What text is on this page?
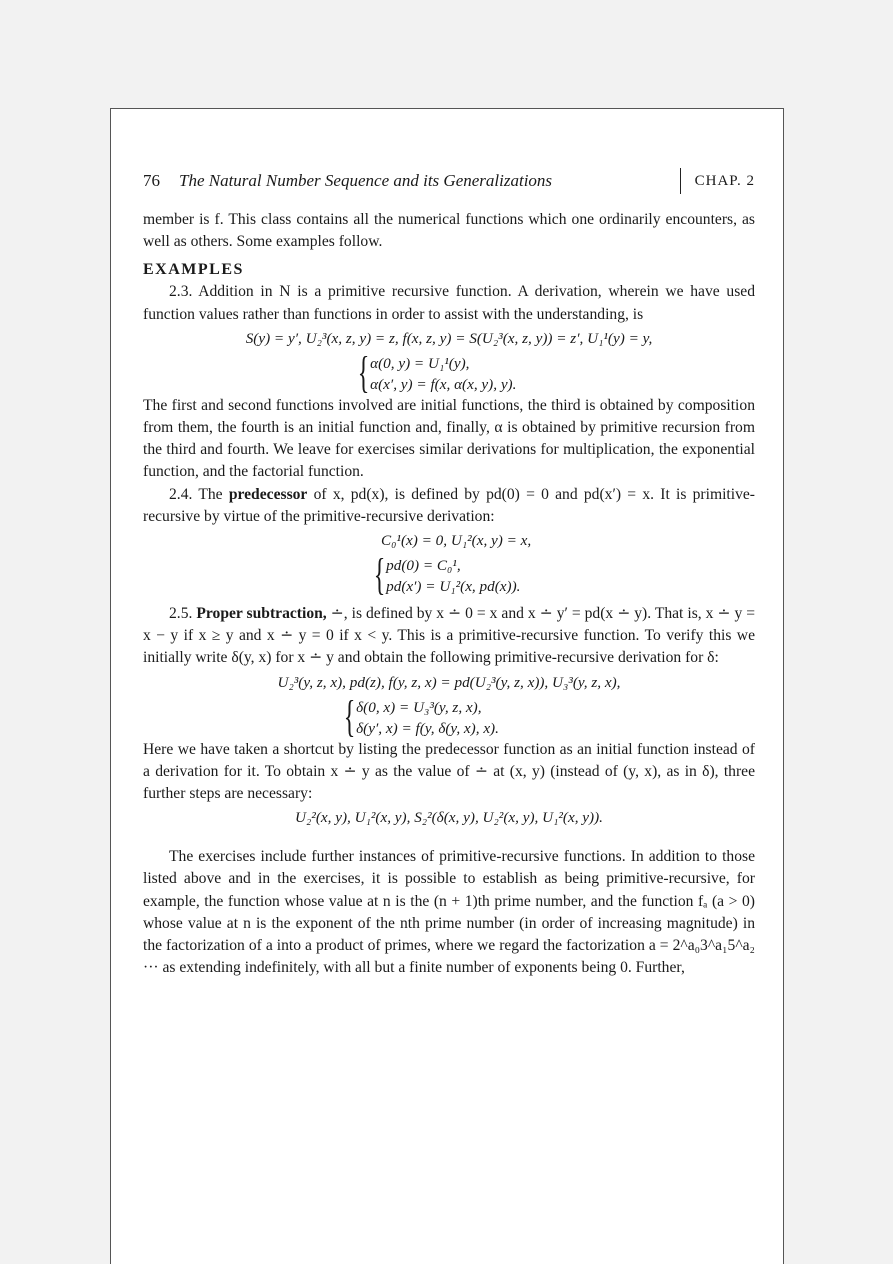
76	The Natural Number Sequence and its Generalizations	CHAP. 2

member is f. This class contains all the numerical functions which one ordinarily encounters, as well as others. Some examples follow.

EXAMPLES

2.3. Addition in N is a primitive recursive function. A derivation, wherein we have used function values rather than functions in order to assist with the understanding, is

S(y) = y′, U₂³(x, z, y) = z, f(x, z, y) = S(U₂³(x, z, y)) = z′, U₁¹(y) = y,
{ α(0, y) = U₁¹(y),
α(x′, y) = f(x, α(x, y), y).

The first and second functions involved are initial functions, the third is obtained by composition from them, the fourth is an initial function and, finally, α is obtained by primitive recursion from the third and fourth. We leave for exercises similar derivations for multiplication, the exponential function, and the factorial function.

2.4. The predecessor of x, pd(x), is defined by pd(0) = 0 and pd(x′) = x. It is primitive-recursive by virtue of the primitive-recursive derivation:

C₀¹(x) = 0, U₁²(x, y) = x,
{ pd(0) = C₀¹,
pd(x′) = U₁²(x, pd(x)).

2.5. Proper subtraction, ∸, is defined by x ∸ 0 = x and x ∸ y′ = pd(x ∸ y). That is, x ∸ y = x − y if x ≥ y and x ∸ y = 0 if x < y. This is a primitive-recursive function. To verify this we initially write δ(y, x) for x ∸ y and obtain the following primitive-recursive derivation for δ:

U₂³(y, z, x), pd(z), f(y, z, x) = pd(U₂³(y, z, x)), U₃³(y, z, x),
{ δ(0, x) = U₃³(y, z, x),
δ(y′, x) = f(y, δ(y, x), x).

Here we have taken a shortcut by listing the predecessor function as an initial function instead of a derivation for it. To obtain x ∸ y as the value of ∸ at (x, y) (instead of (y, x), as in δ), three further steps are necessary:

U₂²(x, y), U₁²(x, y), S₂²(δ(x, y), U₂²(x, y), U₁²(x, y)).

The exercises include further instances of primitive-recursive functions. In addition to those listed above and in the exercises, it is possible to establish as being primitive-recursive, for example, the function whose value at n is the (n + 1)th prime number, and the function fₐ (a > 0) whose value at n is the exponent of the nth prime number (in order of increasing magnitude) in the factorization of a into a product of primes, where we regard the factorization a = 2^a₀3^a₁5^a₂ ··· as extending indefinitely, with all but a finite number of exponents being 0. Further,
